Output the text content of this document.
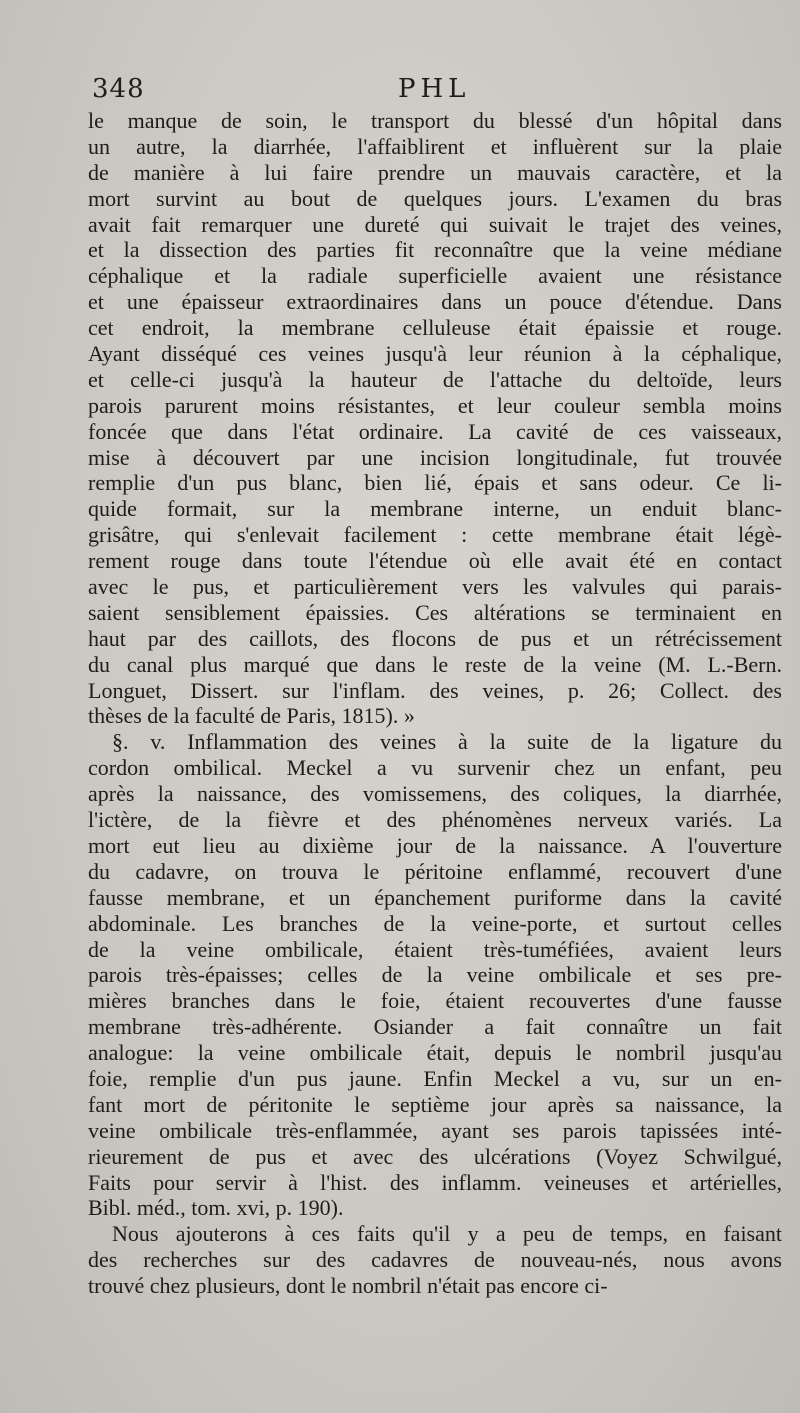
348	PHL
le manque de soin, le transport du blessé d'un hôpital dans
un autre, la diarrhée, l'affaiblirent et influèrent sur la plaie
de manière à lui faire prendre un mauvais caractère, et la
mort survint au bout de quelques jours. L'examen du bras
avait fait remarquer une dureté qui suivait le trajet des veines,
et la dissection des parties fit reconnaître que la veine médiane
céphalique et la radiale superficielle avaient une résistance
et une épaisseur extraordinaires dans un pouce d'étendue. Dans
cet endroit, la membrane celluleuse était épaissie et rouge.
Ayant disséqué ces veines jusqu'à leur réunion à la céphalique,
et celle-ci jusqu'à la hauteur de l'attache du deltoïde, leurs
parois parurent moins résistantes, et leur couleur sembla moins
foncée que dans l'état ordinaire. La cavité de ces vaisseaux,
mise à découvert par une incision longitudinale, fut trouvée
remplie d'un pus blanc, bien lié, épais et sans odeur. Ce li-
quide formait, sur la membrane interne, un enduit blanc-
grisâtre, qui s'enlevait facilement : cette membrane était légè-
rement rouge dans toute l'étendue où elle avait été en contact
avec le pus, et particulièrement vers les valvules qui parais-
saient sensiblement épaissies. Ces altérations se terminaient en
haut par des caillots, des flocons de pus et un rétrécissement
du canal plus marqué que dans le reste de la veine (M. L.-Bern.
Longuet, Dissert. sur l'inflam. des veines, p. 26; Collect. des
thèses de la faculté de Paris, 1815). »
§. v. Inflammation des veines à la suite de la ligature du
cordon ombilical. Meckel a vu survenir chez un enfant, peu
après la naissance, des vomissemens, des coliques, la diarrhée,
l'ictère, de la fièvre et des phénomènes nerveux variés. La
mort eut lieu au dixième jour de la naissance. A l'ouverture
du cadavre, on trouva le péritoine enflammé, recouvert d'une
fausse membrane, et un épanchement puriforme dans la cavité
abdominale. Les branches de la veine-porte, et surtout celles
de la veine ombilicale, étaient très-tuméfiées, avaient leurs
parois très-épaisses; celles de la veine ombilicale et ses pre-
mières branches dans le foie, étaient recouvertes d'une fausse
membrane très-adhérente. Osiander a fait connaître un fait
analogue: la veine ombilicale était, depuis le nombril jusqu'au
foie, remplie d'un pus jaune. Enfin Meckel a vu, sur un en-
fant mort de péritonite le septième jour après sa naissance, la
veine ombilicale très-enflammée, ayant ses parois tapissées inté-
rieurement de pus et avec des ulcérations (Voyez Schwilgué,
Faits pour servir à l'hist. des inflamm. veineuses et artérielles,
Bibl. méd., tom. xvi, p. 190).
Nous ajouterons à ces faits qu'il y a peu de temps, en faisant
des recherches sur des cadavres de nouveau-nés, nous avons
trouvé chez plusieurs, dont le nombril n'était pas encore ci-
